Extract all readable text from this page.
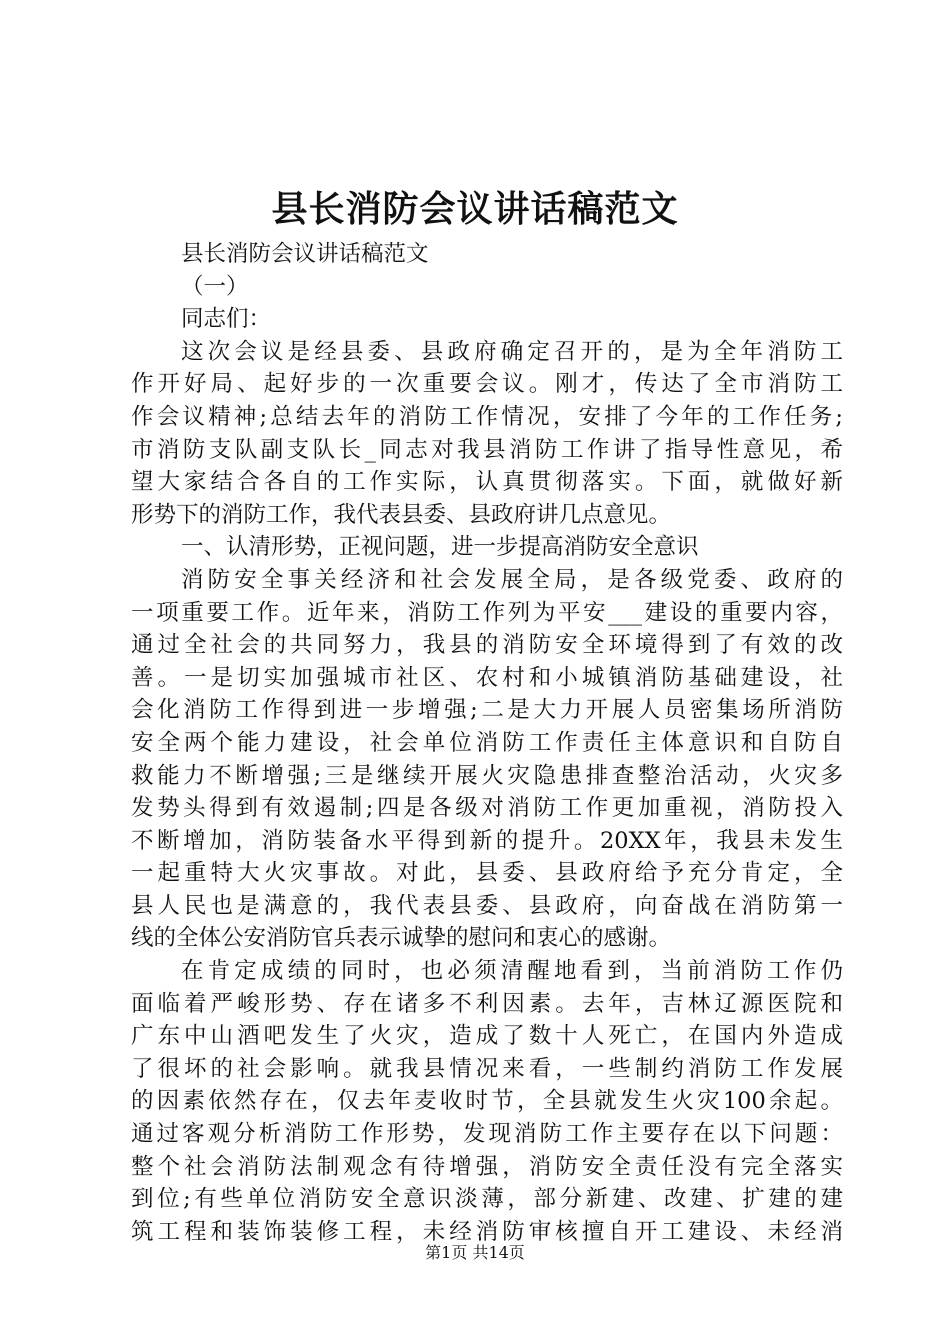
县长消防会议讲话稿范文
县长消防会议讲话稿范文
（一）
同志们：
这次会议是经县委、县政府确定召开的，是为全年消防工
作开好局、起好步的一次重要会议。刚才，传达了全市消防工
作会议精神;总结去年的消防工作情况，安排了今年的工作任务;
市消防支队副支队长_同志对我县消防工作讲了指导性意见，希
望大家结合各自的工作实际，认真贯彻落实。下面，就做好新
形势下的消防工作，我代表县委、县政府讲几点意见。
一、认清形势，正视问题，进一步提高消防安全意识
消防安全事关经济和社会发展全局，是各级党委、政府的
一项重要工作。近年来，消防工作列为平安___建设的重要内容，
通过全社会的共同努力，我县的消防安全环境得到了有效的改
善。一是切实加强城市社区、农村和小城镇消防基础建设，社
会化消防工作得到进一步增强;二是大力开展人员密集场所消防
安全两个能力建设，社会单位消防工作责任主体意识和自防自
救能力不断增强;三是继续开展火灾隐患排查整治活动，火灾多
发势头得到有效遏制;四是各级对消防工作更加重视，消防投入
不断增加，消防装备水平得到新的提升。20XX年，我县未发生
一起重特大火灾事故。对此，县委、县政府给予充分肯定，全
县人民也是满意的，我代表县委、县政府，向奋战在消防第一
线的全体公安消防官兵表示诚挚的慰问和衷心的感谢。
在肯定成绩的同时，也必须清醒地看到，当前消防工作仍
面临着严峻形势、存在诸多不利因素。去年，吉林辽源医院和
广东中山酒吧发生了火灾，造成了数十人死亡，在国内外造成
了很坏的社会影响。就我县情况来看，一些制约消防工作发展
的因素依然存在，仅去年麦收时节，全县就发生火灾100余起。
通过客观分析消防工作形势，发现消防工作主要存在以下问题：
整个社会消防法制观念有待增强，消防安全责任没有完全落实
到位;有些单位消防安全意识淡薄，部分新建、改建、扩建的建
筑工程和装饰装修工程，未经消防审核擅自开工建设、未经消
第1页 共14页
